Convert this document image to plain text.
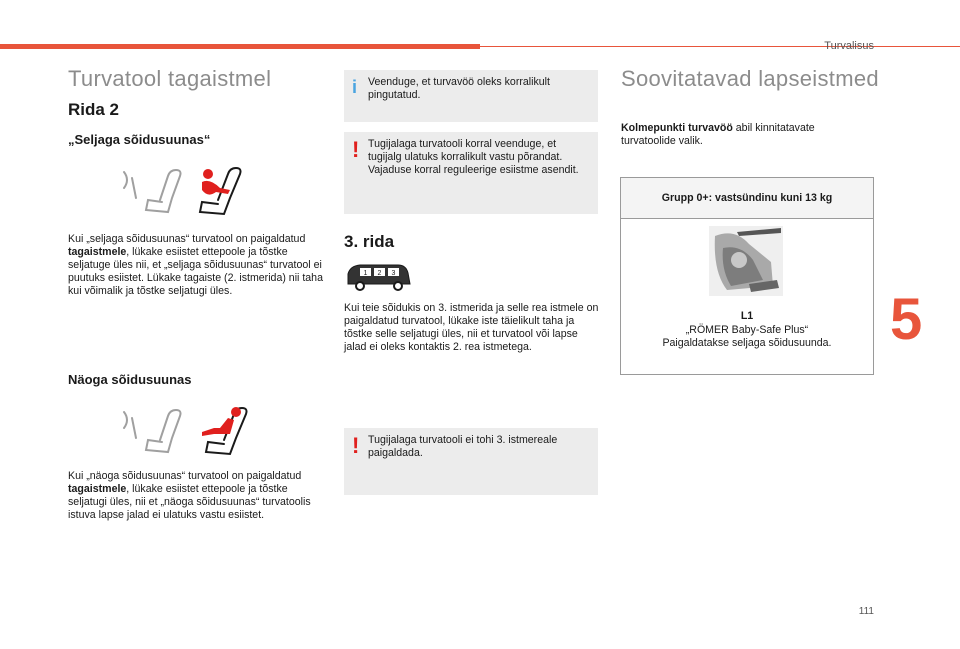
Turvalisus
5
111
Turvatool tagaistmel
Rida 2
„Seljaga sõidusuunas“
Kui „seljaga sõidusuunas“ turvatool on paigaldatud tagaistmele, lükake esiistet ettepoole ja tõstke seljatuge üles nii, et „seljaga sõidusuunas“ turvatool ei puutuks esiistet. Lükake tagaiste (2. istmerida) nii taha kui võimalik ja tõstke seljatugi üles.
Näoga sõidusuunas
Kui „näoga sõidusuunas“ turvatool on paigaldatud tagaistmele, lükake esiistet ettepoole ja tõstke seljatugi üles, nii et „näoga sõidusuunas“ turvatoolis istuva lapse jalad ei ulatuks vastu esiistet.
i Veenduge, et turvavöö oleks korralikult pingutatud.
! Tugijalaga turvatooli korral veenduge, et tugijalg ulatuks korralikult vastu põrandat. Vajaduse korral reguleerige esiistme asendit.
3. rida
1 2 3
Kui teie sõidukis on 3. istmerida ja selle rea istmele on paigaldatud turvatool, lükake iste täielikult taha ja tõstke selle seljatugi üles, nii et turvatool või lapse jalad ei oleks kontaktis 2. rea istmetega.
! Tugijalaga turvatooli ei tohi 3. istmereale paigaldada.
Soovitatavad lapseistmed
Kolmepunkti turvavöö abil kinnitatavate turvatoolide valik.
Grupp 0+: vastsündinu kuni 13 kg
L1
„RÖMER Baby-Safe Plus“
Paigaldatakse seljaga sõidusuunda.
